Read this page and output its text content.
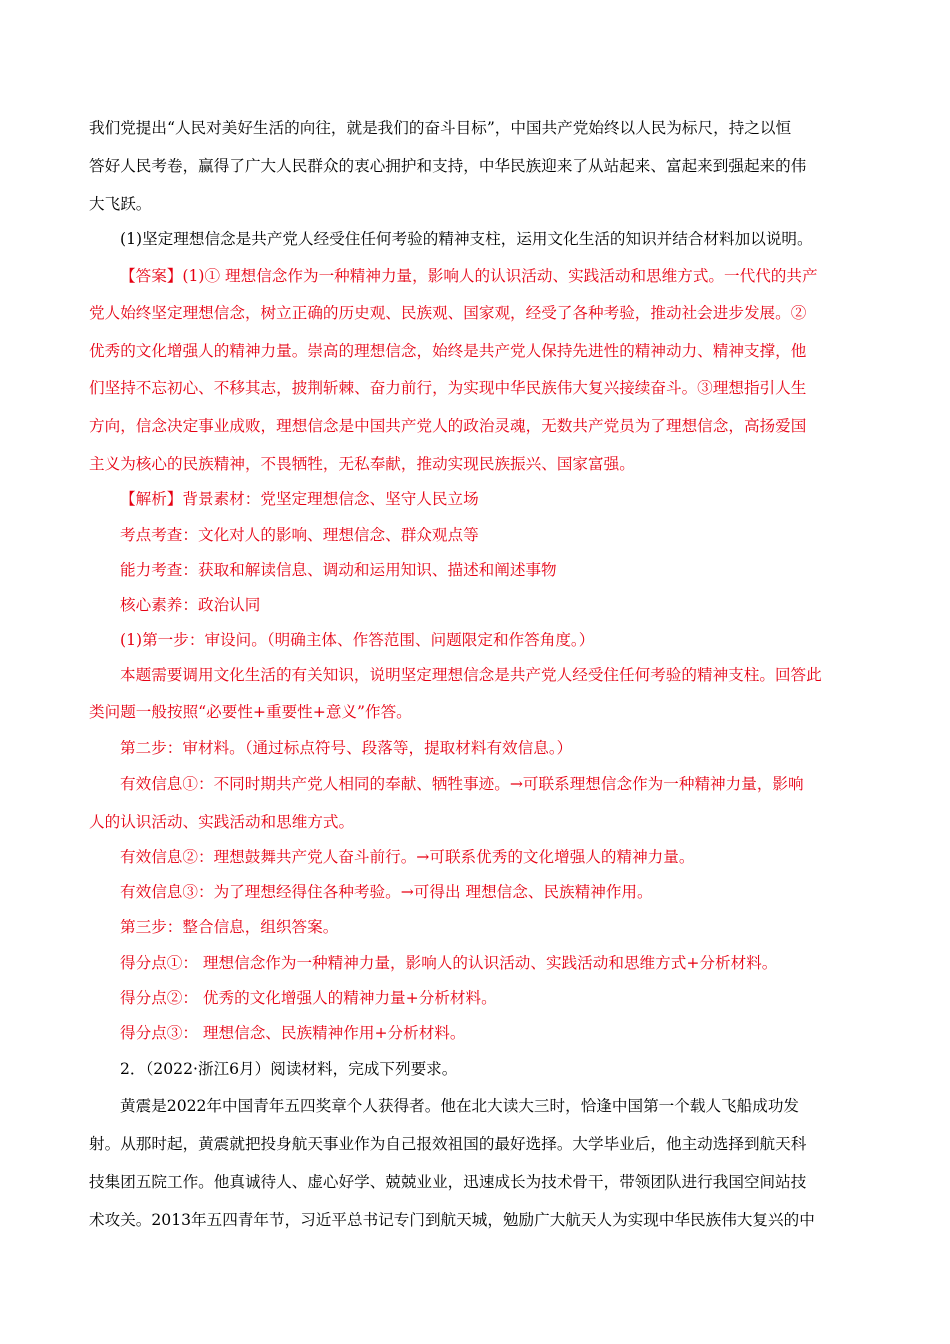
我们党提出“人民对美好生活的向往，就是我们的奋斗目标”，中国共产党始终以人民为标尺，持之以恒
答好人民考卷，赢得了广大人民群众的衷心拥护和支持，中华民族迎来了从站起来、富起来到强起来的伟
大飞跃。
(1)坚定理想信念是共产党人经受住任何考验的精神支柱，运用文化生活的知识并结合材料加以说明。
【答案】(1)① 理想信念作为一种精神力量，影响人的认识活动、实践活动和思维方式。一代代的共产
党人始终坚定理想信念，树立正确的历史观、民族观、国家观，经受了各种考验，推动社会进步发展。②
优秀的文化增强人的精神力量。崇高的理想信念，始终是共产党人保持先进性的精神动力、精神支撑，他
们坚持不忘初心、不移其志，披荆斩棘、奋力前行，为实现中华民族伟大复兴接续奋斗。③理想指引人生
方向，信念决定事业成败，理想信念是中国共产党人的政治灵魂，无数共产党员为了理想信念，高扬爱国
主义为核心的民族精神，不畏牺牲，无私奉献，推动实现民族振兴、国家富强。
【解析】背景素材：党坚定理想信念、坚守人民立场
考点考查：文化对人的影响、理想信念、群众观点等
能力考查：获取和解读信息、调动和运用知识、描述和阐述事物
核心素养：政治认同
(1)第一步：审设问。（明确主体、作答范围、问题限定和作答角度。）
本题需要调用文化生活的有关知识，说明坚定理想信念是共产党人经受住任何考验的精神支柱。回答此
类问题一般按照“必要性+重要性+意义”作答。
第二步：审材料。（通过标点符号、段落等，提取材料有效信息。）
有效信息①：不同时期共产党人相同的奉献、牺牲事迹。→可联系理想信念作为一种精神力量，影响
人的认识活动、实践活动和思维方式。
有效信息②：理想鼓舞共产党人奋斗前行。→可联系优秀的文化增强人的精神力量。
有效信息③：为了理想经得住各种考验。→可得出 理想信念、民族精神作用。
第三步：整合信息，组织答案。
得分点①： 理想信念作为一种精神力量，影响人的认识活动、实践活动和思维方式+分析材料。
得分点②： 优秀的文化增强人的精神力量+分析材料。
得分点③： 理想信念、民族精神作用+分析材料。
2．（2022·浙江6月）阅读材料，完成下列要求。
黄震是2022年中国青年五四奖章个人获得者。他在北大读大三时，恰逢中国第一个载人飞船成功发
射。从那时起，黄震就把投身航天事业作为自己报效祖国的最好选择。大学毕业后，他主动选择到航天科
技集团五院工作。他真诚待人、虚心好学、兢兢业业，迅速成长为技术骨干，带领团队进行我国空间站技
术攻关。2013年五四青年节，习近平总书记专门到航天城，勉励广大航天人为实现中华民族伟大复兴的中
